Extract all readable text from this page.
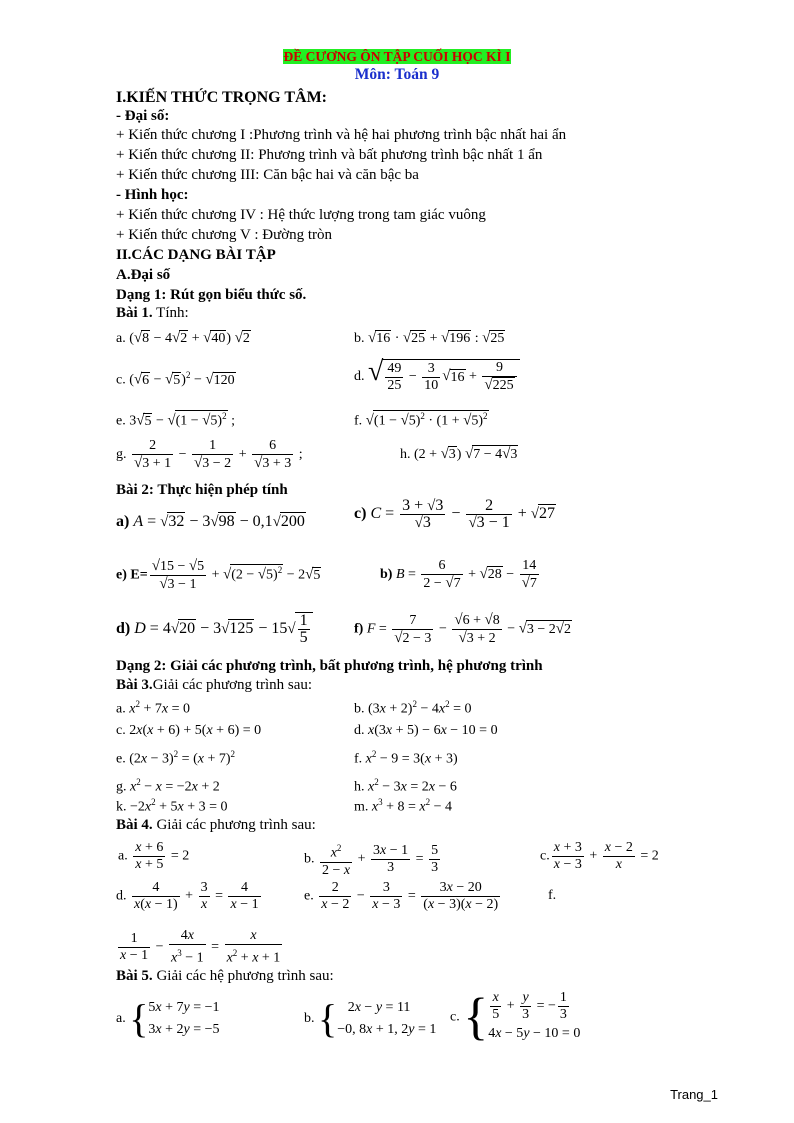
ĐỀ CƯƠNG ÔN TẬP CUỐI HỌC KÌ I
Môn: Toán 9
I.KIẾN THỨC TRỌNG TÂM:
- Đại số:
+ Kiến thức chương I :Phương trình và hệ hai phương trình bậc nhất hai ẩn
+ Kiến thức chương II: Phương trình và bất phương trình bậc nhất 1 ẩn
+ Kiến thức chương III: Căn bậc hai và căn bậc ba
- Hình học:
+ Kiến thức chương IV : Hệ thức lượng trong tam giác vuông
+ Kiến thức chương V : Đường tròn
II.CÁC DẠNG BÀI TẬP
A.Đại số
Dạng 1: Rút gọn biểu thức số.
Bài 1. Tính:
a. (√8 − 4√2 + √40) √2	b. √16 · √25 + √196 : √25
c. $(√6 - √5)^2 - √120$	d. √ $\frac{49}{25} - \frac{3}{10} √16 + \frac{9}{√225}$
e. $3√5 - √(1 - √5)^2$ ;	f. $√(1 - √5)^2 \cdot (1 + √5)^2$
g. $\frac{2}{√3 + 1} - \frac{1}{√3 - 2} + \frac{6}{√3 + 3}$ ;	h. (2 + √3) √7 − 4√3
Bài 2: Thực hiện phép tính
a) A = √32 − 3√98 − 0,1√200	c) $C = \frac{3 + √3}{√3} - \frac{2}{√3 - 1} + √27$
e) $E= \frac{√15 - √5}{√3 - 1} + √(2 - √5)^2 - 2√5$	b) $B = \frac{6}{2 - √7} + √28 - \frac{14}{√7}$
d) $D = 4√20 - 3√125 - 15√ \frac{1}{5}$	f) $F = \frac{7}{√2 - 3} - \frac{√6 + √8}{√3 + 2} - √3 - 2√2$
Dạng 2: Giải các phương trình, bất phương trình, hệ phương trình
Bài 3.Giải các phương trình sau:
a. $x^2 + 7x = 0$	b. $(3x + 2)^2 - 4x^2 = 0$
c. 2x(x + 6) + 5(x + 6) = 0	d. x(3x + 5) − 6x − 10 = 0
e. $(2x - 3)^2 = (x + 7)^2$	f. $x^2 - 9 = 3(x + 3)$
g. $x^2 - x = -2x + 2$	h. $x^2 - 3x = 2x - 6$
k. $-2x^2 + 5x + 3 = 0$	m. $x^3 + 8 = x^2 - 4$
Bài 4. Giải các phương trình sau:
a. $\frac{x + 6}{x + 5} = 2$	b. $\frac{x^2}{2 - x} + \frac{3x - 1}{3} = \frac{5}{3}$	c. $\frac{x + 3}{x - 3} + \frac{x - 2}{x} = 2$
d. $\frac{4}{x(x - 1)} + \frac{3}{x} = \frac{4}{x - 1}$	e. $\frac{2}{x - 2} - \frac{3}{x - 3} = \frac{3x - 20}{(x - 3)(x - 2)}$	f.
$\frac{1}{x - 1} - \frac{4x}{x^3 - 1} = \frac{x}{x^2 + x + 1}$
Bài 5. Giải các hệ phương trình sau:
a. {5x + 7y = −1
3x + 2y = −5
b. {   2x − y = 11
−0, 8x + 1, 2y = 1
c. { $\frac{x}{5} + \frac{y}{3}$ = − $\frac{1}{3}$

4x − 5y − 10 = 0
Trang_1
